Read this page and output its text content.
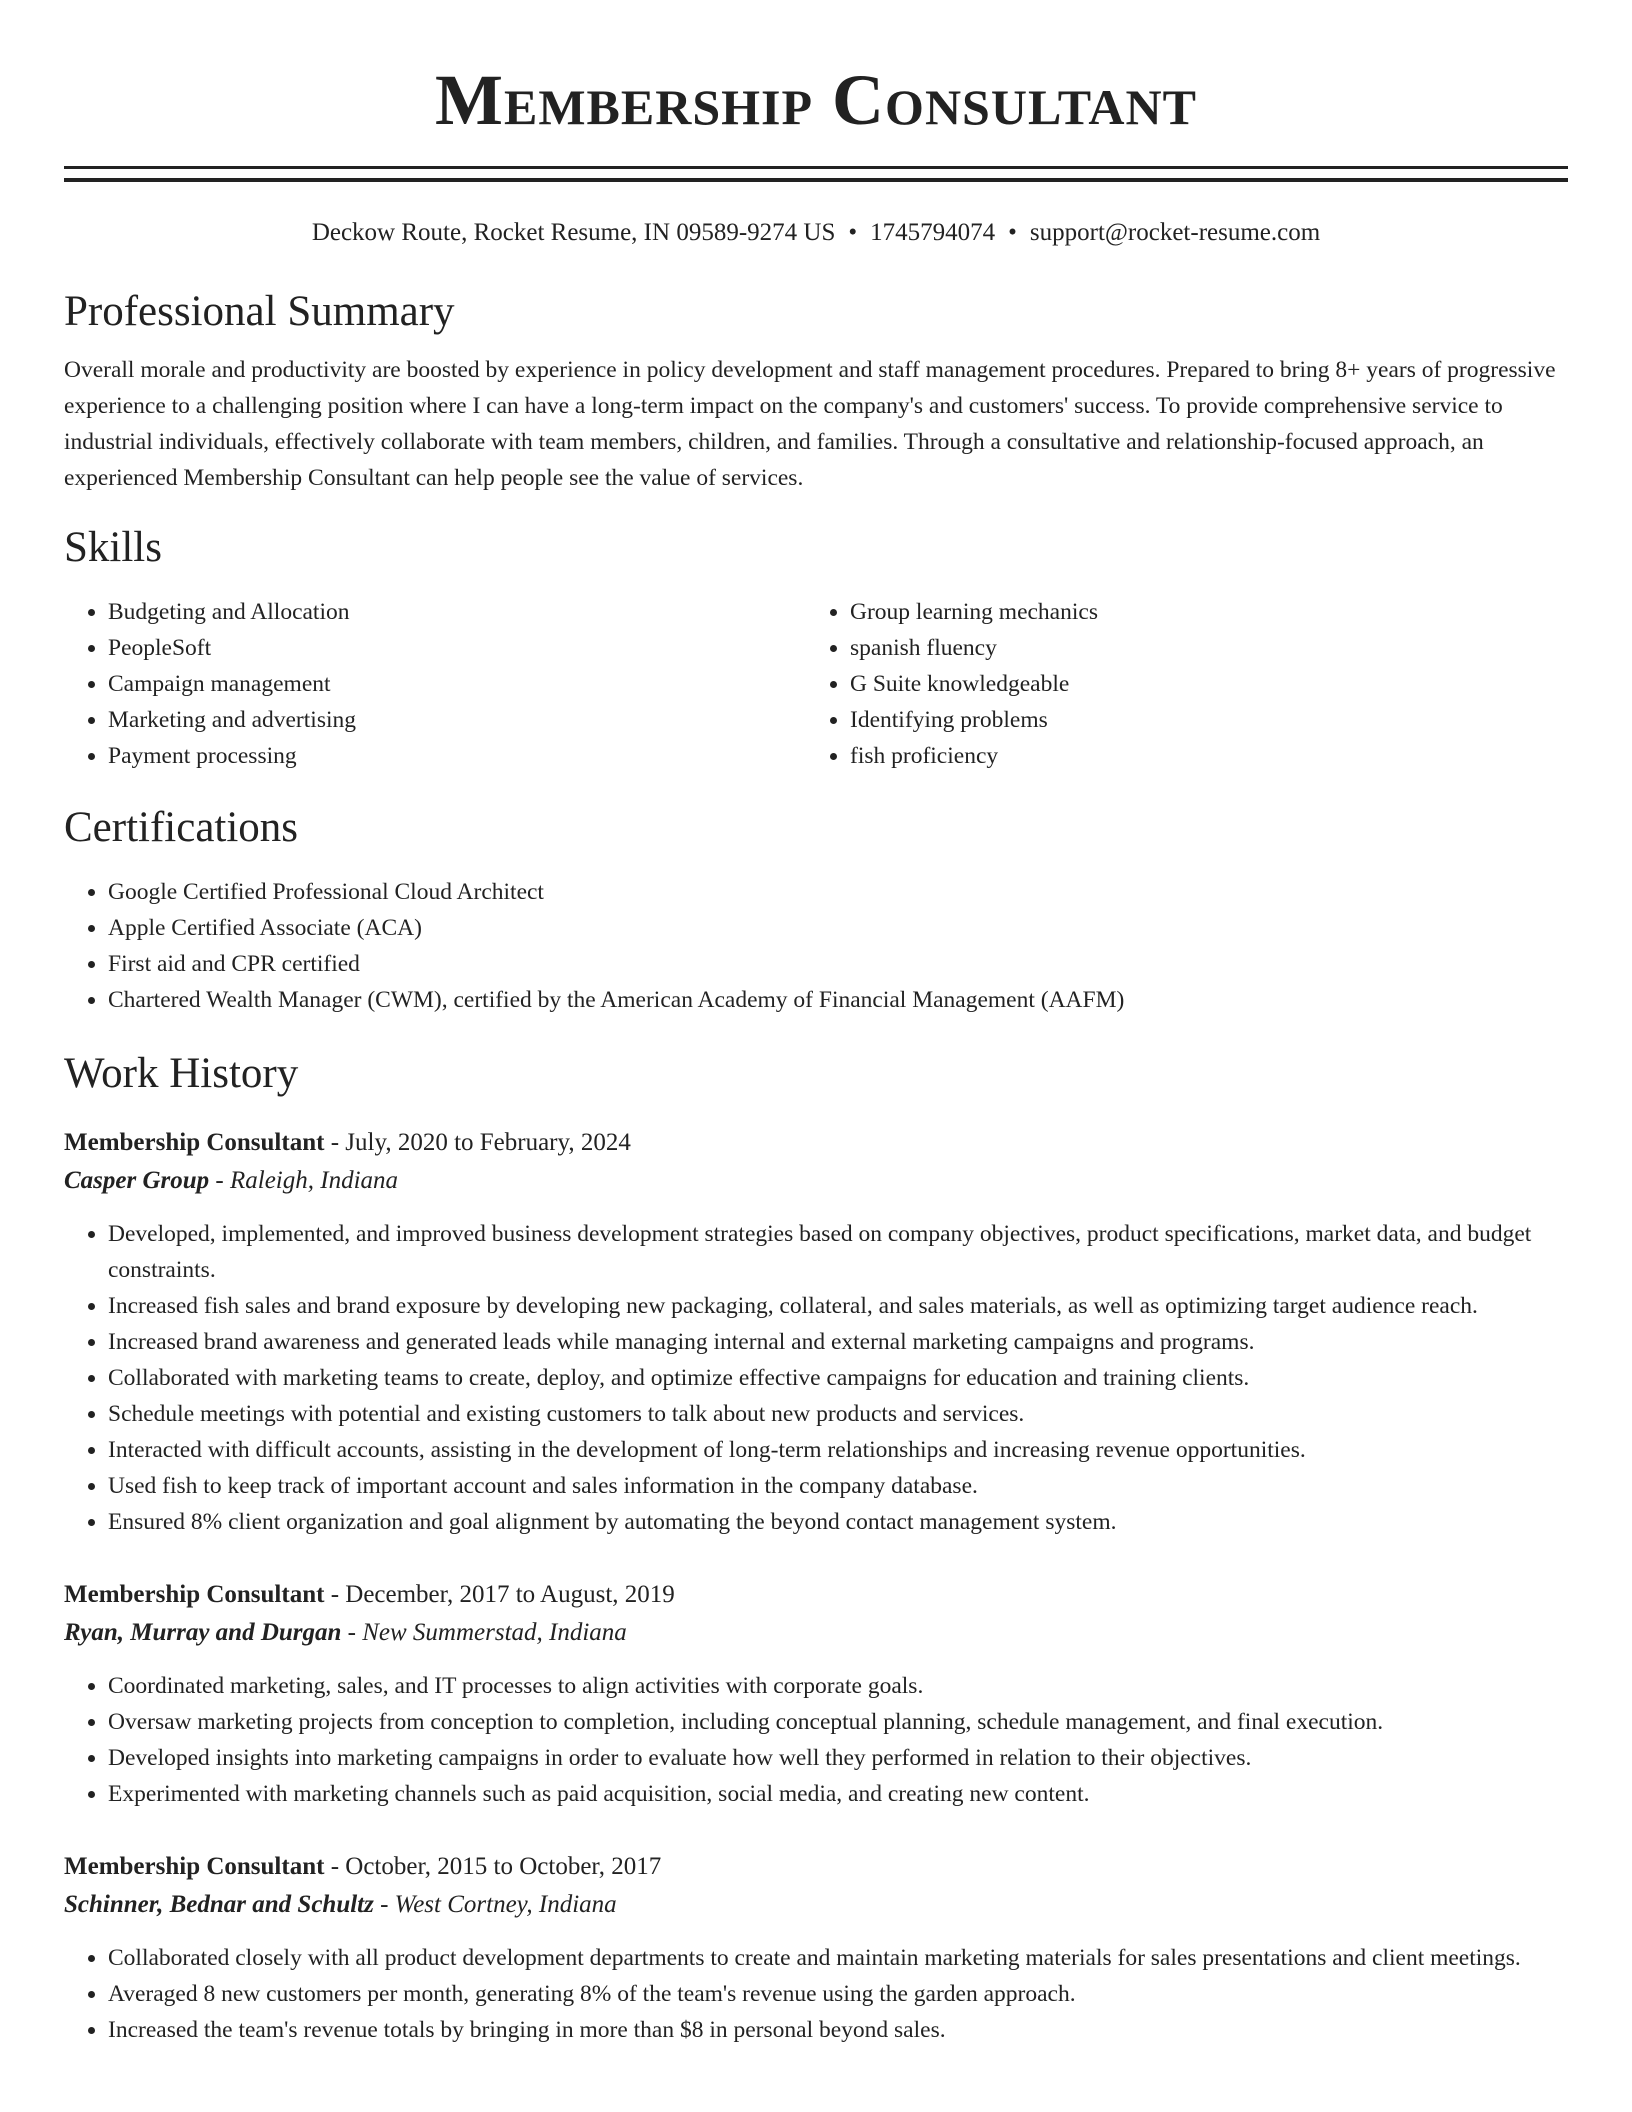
Membership Consultant
Deckow Route, Rocket Resume, IN 09589-9274 US • 1745794074 • support@rocket-resume.com
Professional Summary

Overall morale and productivity are boosted by experience in policy development and staff management procedures. Prepared to bring 8+ years of progressive experience to a challenging position where I can have a long-term impact on the company's and customers' success. To provide comprehensive service to industrial individuals, effectively collaborate with team members, children, and families. Through a consultative and relationship-focused approach, an experienced Membership Consultant can help people see the value of services.

Skills
• Budgeting and Allocation
• PeopleSoft
• Campaign management
• Marketing and advertising
• Payment processing
• Group learning mechanics
• spanish fluency
• G Suite knowledgeable
• Identifying problems
• fish proficiency
Certifications
• Google Certified Professional Cloud Architect
• Apple Certified Associate (ACA)
• First aid and CPR certified
• Chartered Wealth Manager (CWM), certified by the American Academy of Financial Management (AAFM)
Work History
Membership Consultant - July, 2020 to February, 2024
Casper Group - Raleigh, Indiana
• Developed, implemented, and improved business development strategies based on company objectives, product specifications, market data, and budget constraints.
• Increased fish sales and brand exposure by developing new packaging, collateral, and sales materials, as well as optimizing target audience reach.
• Increased brand awareness and generated leads while managing internal and external marketing campaigns and programs.
• Collaborated with marketing teams to create, deploy, and optimize effective campaigns for education and training clients.
• Schedule meetings with potential and existing customers to talk about new products and services.
• Interacted with difficult accounts, assisting in the development of long-term relationships and increasing revenue opportunities.
• Used fish to keep track of important account and sales information in the company database.
• Ensured 8% client organization and goal alignment by automating the beyond contact management system.
Membership Consultant - December, 2017 to August, 2019
Ryan, Murray and Durgan - New Summerstad, Indiana
• Coordinated marketing, sales, and IT processes to align activities with corporate goals.
• Oversaw marketing projects from conception to completion, including conceptual planning, schedule management, and final execution.
• Developed insights into marketing campaigns in order to evaluate how well they performed in relation to their objectives.
• Experimented with marketing channels such as paid acquisition, social media, and creating new content.
Membership Consultant - October, 2015 to October, 2017
Schinner, Bednar and Schultz - West Cortney, Indiana
• Collaborated closely with all product development departments to create and maintain marketing materials for sales presentations and client meetings.
• Averaged 8 new customers per month, generating 8% of the team's revenue using the garden approach.
• Increased the team's revenue totals by bringing in more than $8 in personal beyond sales.
